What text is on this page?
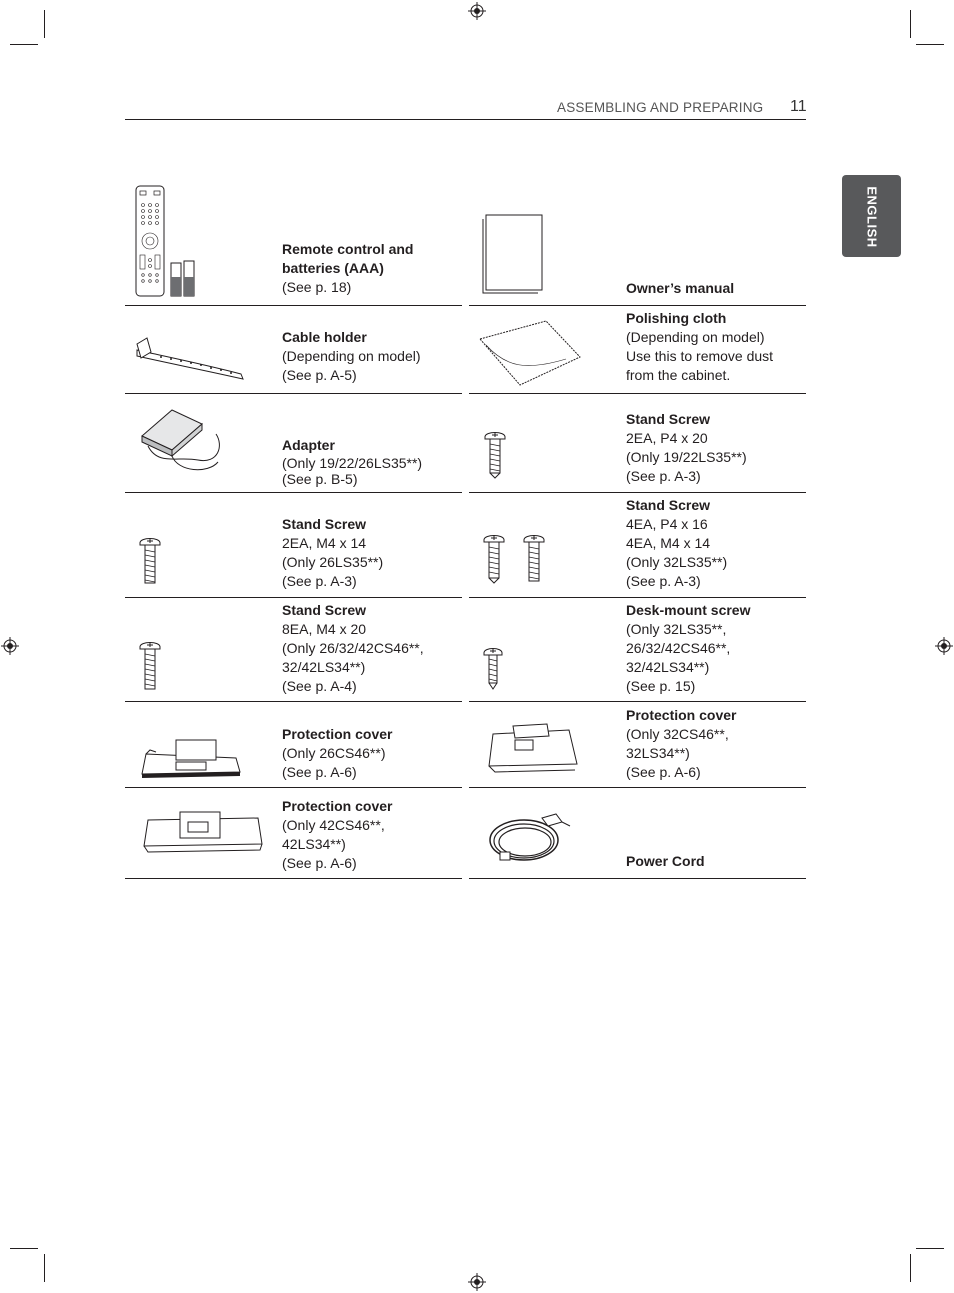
ASSEMBLING AND PREPARING 11
ENGLISH
Remote control and
batteries (AAA)
(See p. 18)	Owner’s manual
Cable holder
(Depending on model)
(See p. A-5)
Polishing cloth
(Depending on model)
Use this to remove dust
from the cabinet.
Adapter
(Only 19/22/26LS35**)
(See p. B-5)
Stand Screw
2EA, P4 x 20
(Only 19/22LS35**)
(See p. A-3)
Stand Screw
2EA, M4 x 14
(Only 26LS35**)
(See p. A-3)
Stand Screw
4EA, P4 x 16
4EA, M4 x 14
(Only 32LS35**)
(See p. A-3)
Stand Screw
8EA, M4 x 20
(Only 26/32/42CS46**,
32/42LS34**)
(See p. A-4)
Desk-mount screw
(Only 32LS35**,
26/32/42CS46**,
32/42LS34**)
(See p. 15)
Protection cover
(Only 26CS46**)
(See p. A-6)
Protection cover
(Only 32CS46**,
32LS34**)
(See p. A-6)
Protection cover
(Only 42CS46**,
42LS34**)
(See p. A-6)	Power Cord
